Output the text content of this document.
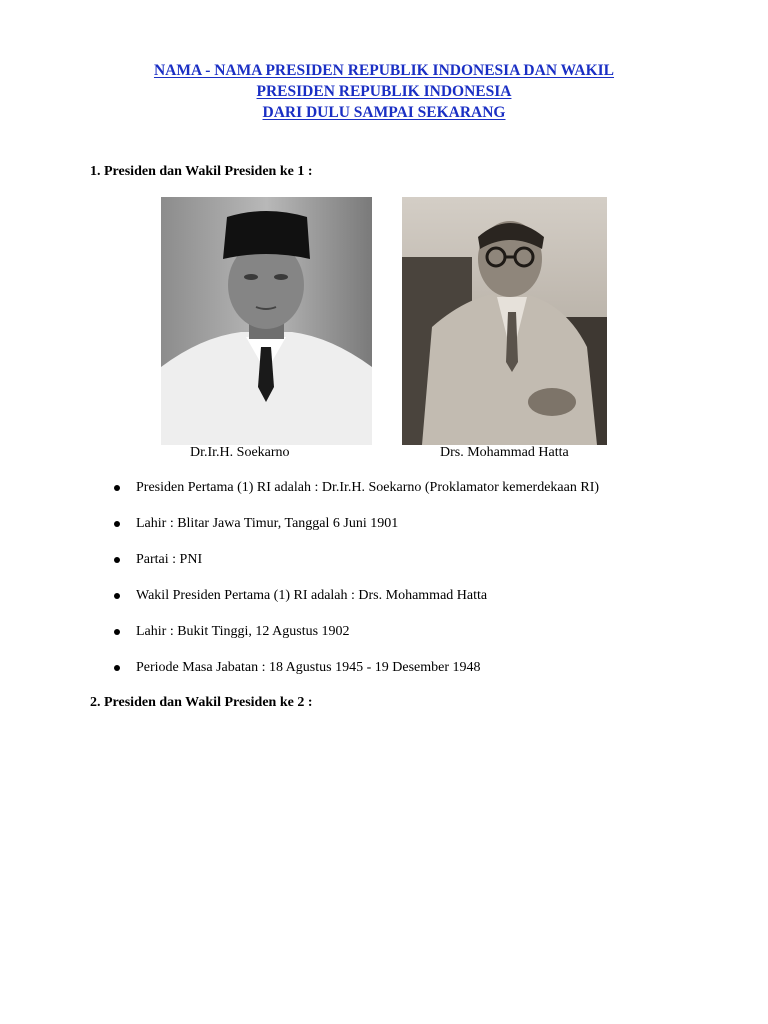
NAMA - NAMA PRESIDEN REPUBLIK INDONESIA DAN WAKIL
PRESIDEN REPUBLIK INDONESIA
DARI DULU SAMPAI SEKARANG
1. Presiden dan Wakil Presiden ke 1 :
Dr.Ir.H. Soekarno	Drs. Mohammad Hatta
Presiden Pertama (1) RI adalah : Dr.Ir.H. Soekarno (Proklamator kemerdekaan RI)
Lahir : Blitar Jawa Timur, Tanggal 6 Juni 1901
Partai : PNI
Wakil Presiden Pertama (1) RI adalah : Drs. Mohammad Hatta
Lahir : Bukit Tinggi, 12 Agustus 1902
Periode Masa Jabatan : 18 Agustus 1945 - 19 Desember 1948
2. Presiden dan Wakil Presiden ke 2 :
